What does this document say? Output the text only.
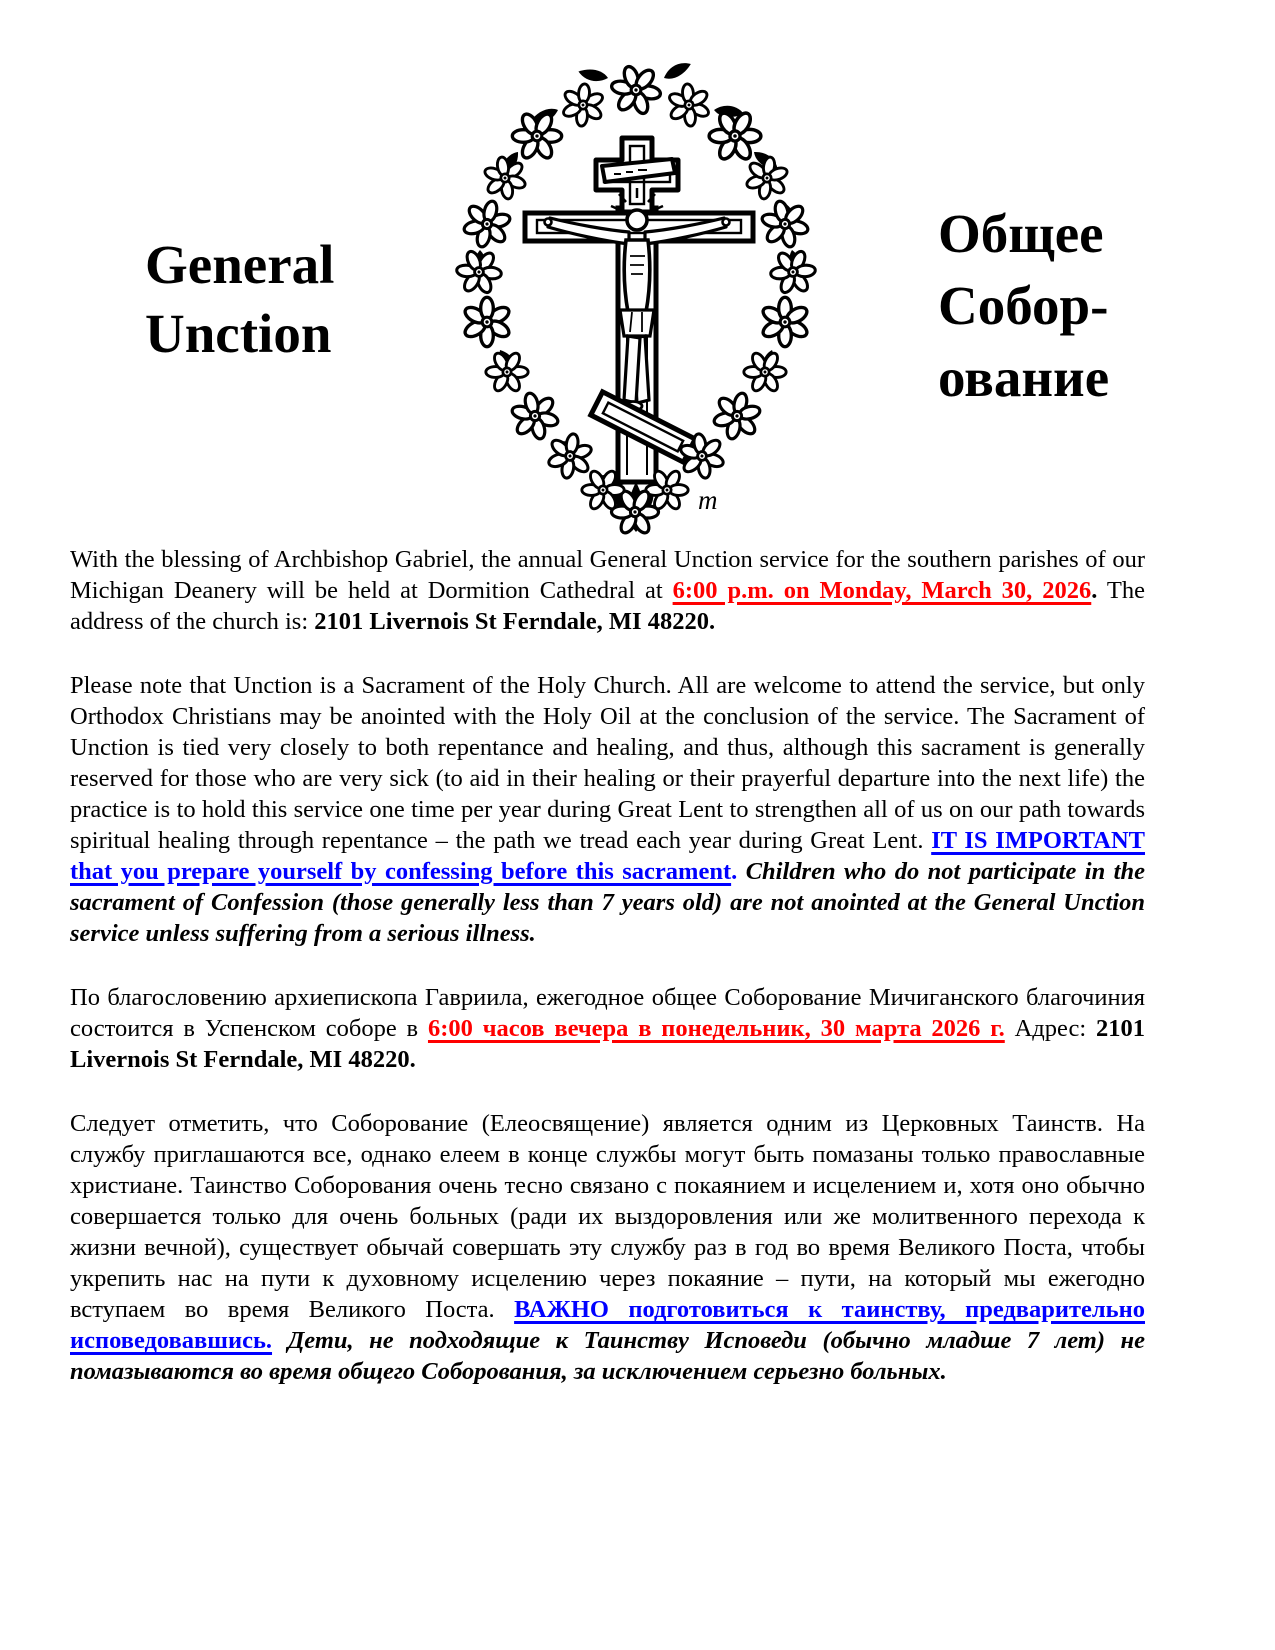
General
Unction
m
Общее
Собор-
ование

With the blessing of Archbishop Gabriel, the annual General Unction service for the southern parishes of our Michigan Deanery will be held at Dormition Cathedral at 6:00 p.m. on Monday, March 30, 2026. The address of the church is: 2101 Livernois St Ferndale, MI 48220.

Please note that Unction is a Sacrament of the Holy Church. All are welcome to attend the service, but only Orthodox Christians may be anointed with the Holy Oil at the conclusion of the service. The Sacrament of Unction is tied very closely to both repentance and healing, and thus, although this sacrament is generally reserved for those who are very sick (to aid in their healing or their prayerful departure into the next life) the practice is to hold this service one time per year during Great Lent to strengthen all of us on our path towards spiritual healing through repentance – the path we tread each year during Great Lent. IT IS IMPORTANT that you prepare yourself by confessing before this sacrament. Children who do not participate in the sacrament of Confession (those generally less than 7 years old) are not anointed at the General Unction service unless suffering from a serious illness.

По благословению архиепископа Гавриила, ежегодное общее Соборование Мичиганского благочиния состоится в Успенском соборе в 6:00 часов вечера в понедельник, 30 марта 2026 г. Адрес: 2101 Livernois St Ferndale, MI 48220.

Следует отметить, что Соборование (Елеосвящение) является одним из Церковных Таинств. На службу приглашаются все, однако елеем в конце службы могут быть помазаны только православные христиане. Таинство Соборования очень тесно связано с покаянием и исцелением и, хотя оно обычно совершается только для очень больных (ради их выздоровления или же молитвенного перехода к жизни вечной), существует обычай совершать эту службу раз в год во время Великого Поста, чтобы укрепить нас на пути к духовному исцелению через покаяние – пути, на который мы ежегодно вступаем во время Великого Поста. ВАЖНО подготовиться к таинству, предварительно исповедовавшись. Дети, не подходящие к Таинству Исповеди (обычно младше 7 лет) не помазываются во время общего Соборования, за исключением серьезно больных.
